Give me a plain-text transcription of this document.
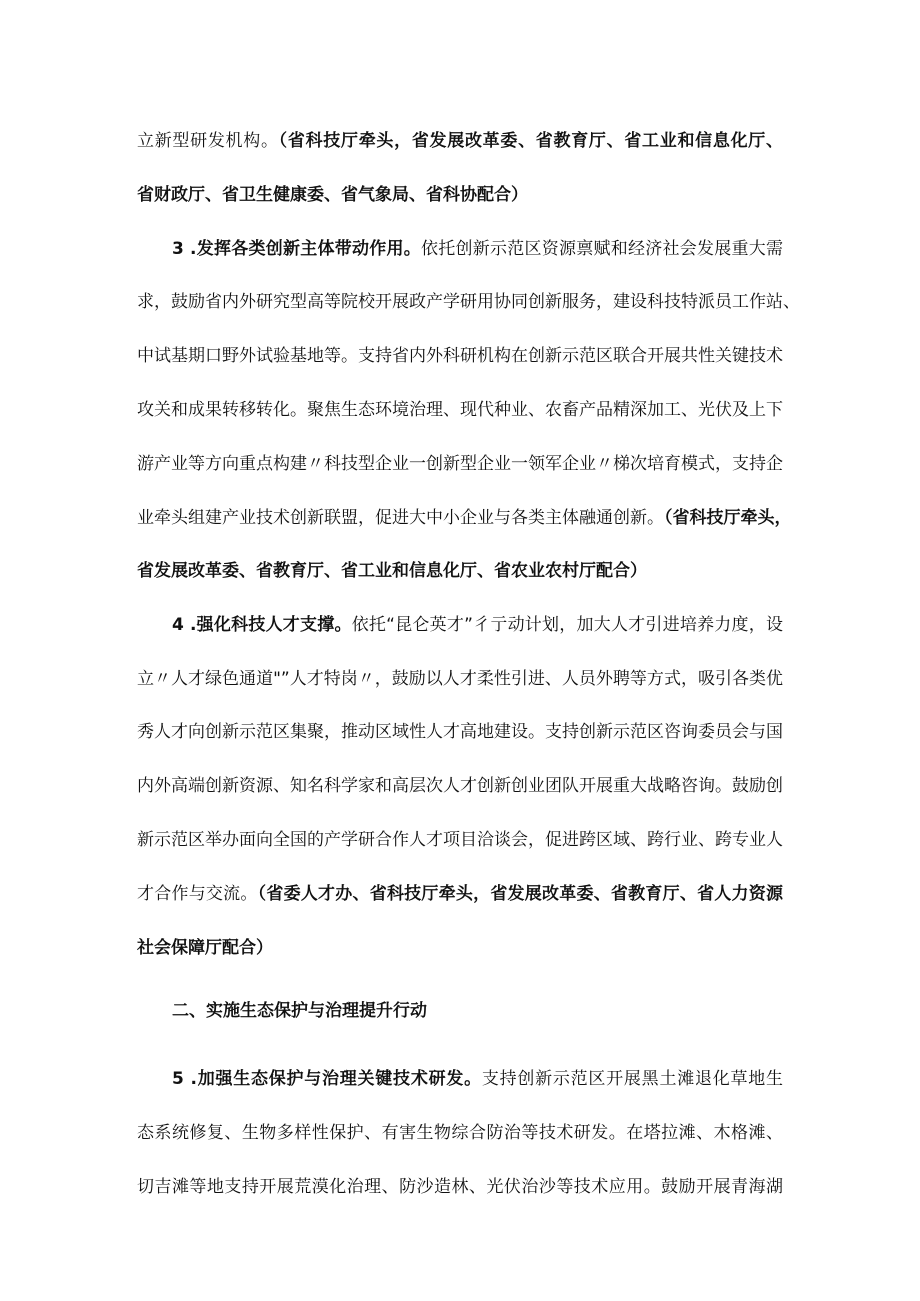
立新型研发机构。（省科技厅牵头，省发展改革委、省教育厅、省工业和信息化厅、
省财政厅、省卫生健康委、省气象局、省科协配合）
3 .发挥各类创新主体带动作用。依托创新示范区资源禀赋和经济社会发展重大需
求，鼓励省内外研究型高等院校开展政产学研用协同创新服务，建设科技特派员工作站、
中试基期口野外试验基地等。支持省内外科研机构在创新示范区联合开展共性关键技术
攻关和成果转移转化。聚焦生态环境治理、现代种业、农畜产品精深加工、光伏及上下
游产业等方向重点构建〃科技型企业一创新型企业一领军企业〃梯次培育模式，支持企
业牵头组建产业技术创新联盟，促进大中小企业与各类主体融通创新。（省科技厅牵头，
省发展改革委、省教育厅、省工业和信息化厅、省农业农村厅配合）
4 .强化科技人才支撑。依托“昆仑英才”彳亍动计划，加大人才引进培养力度，设
立〃人才绿色通道"”人才特岗〃，鼓励以人才柔性引进、人员外聘等方式，吸引各类优
秀人才向创新示范区集聚，推动区域性人才高地建设。支持创新示范区咨询委员会与国
内外高端创新资源、知名科学家和高层次人才创新创业团队开展重大战略咨询。鼓励创
新示范区举办面向全国的产学研合作人才项目洽谈会，促进跨区域、跨行业、跨专业人
才合作与交流。（省委人才办、省科技厅牵头，省发展改革委、省教育厅、省人力资源
社会保障厅配合）
二、实施生态保护与治理提升行动
5 .加强生态保护与治理关键技术研发。支持创新示范区开展黑土滩退化草地生
态系统修复、生物多样性保护、有害生物综合防治等技术研发。在塔拉滩、木格滩、
切吉滩等地支持开展荒漠化治理、防沙造林、光伏治沙等技术应用。鼓励开展青海湖
